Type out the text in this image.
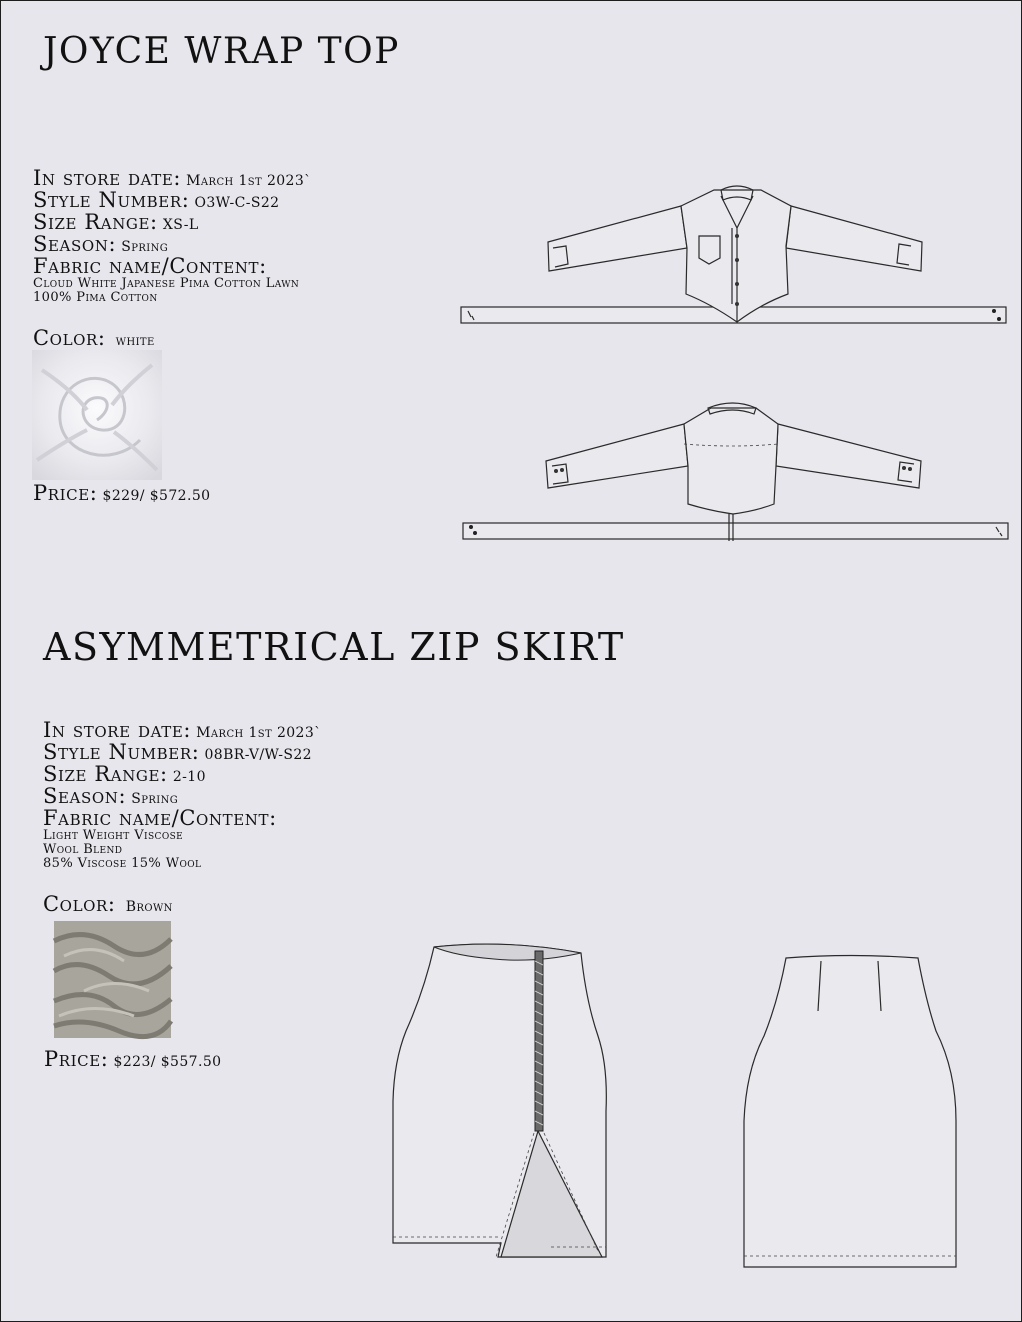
JOYCE WRAP TOP
In store date: March 1st 2023`
Style Number: O3W-C-S22
Size Range: XS-L
Season: Spring
Fabric name/Content:
Cloud White Japanese Pima Cotton Lawn
100% Pima Cotton
Color: white
Price: $229/ $572.50
ASYMMETRICAL ZIP SKIRT
In store date: March 1st 2023`
Style Number: 08BR-V/W-S22
Size Range: 2-10
Season: Spring
Fabric name/Content:
Light Weight Viscose
Wool Blend
85% Viscose 15% Wool
Color: Brown
Price: $223/ $557.50
